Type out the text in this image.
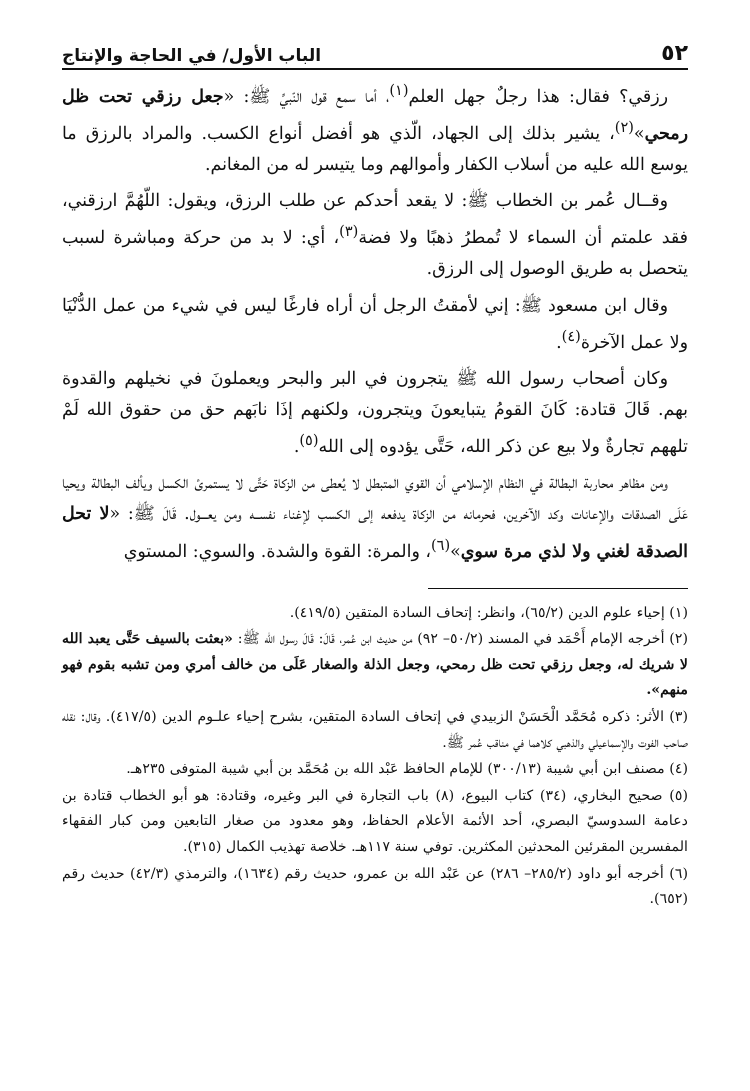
٥٢
الباب الأول/ في الحاجة والإنتاج

رزقي؟ فقال: هذا رجلٌ جهل العلم$^{(١)}$، أما سمع قول النّبيِّ ﷺ: «جعل رزقي تحت ظل رمحي»$^{(٢)}$، يشير بذلك إلى الجهاد، الّذي هو أفضل أنواع الكسب. والمراد بالرزق ما يوسع الله عليه من أسلاب الكفار وأموالهم وما يتيسر له من المغانم.

وقــال عُمر بن الخطاب ﷺ: لا يقعد أحدكم عن طلب الرزق، ويقول: اللّهُمَّ ارزقني، فقد علمتم أن السماء لا تُمطرُ ذهبًا ولا فضة$^{(٣)}$، أي: لا بد من حركة ومباشرة لسبب يتحصل به طريق الوصول إلى الرزق.

وقال ابن مسعود ﷺ: إني لأمقتُ الرجل أن أراه فارغًا ليس في شيء من عمل الدُّنْيَا ولا عمل الآخرة$^{(٤)}$.

وكان أصحاب رسول الله ﷺ يتجرون في البر والبحر ويعملونَ في نخيلهم والقدوة بهم. قَالَ قتادة: كَانَ القومُ يتبايعونَ ويتجرون، ولكنهم إذَا نابَهم حق من حقوق الله لَمْ تلههم تجارةٌ ولا بيع عن ذكر الله، حَتَّى يؤدوه إلى الله$^{(٥)}$.

ومن مظاهر محاربة البطالة في النظام الإسلامي أن القوي المتبطل لا يُعطى من الزكاة حَتَّى لا يستمرئ الكسل ويألف البطالة ويحيا عَلَى الصدقات والإعانات وكد الآخرين، فحرمانه من الزكاة يدفعه إلى الكسب لإغناء نفســه ومن يعـــول. قَالَ ﷺ: «لا تحل الصدقة لغني ولا لذي مرة سوي»$^{(٦)}$، والمرة: القوة والشدة. والسوي: المستوي

(١) إحياء علوم الدين (٦٥/٢)، وانظر: إتحاف السادة المتقين (٤١٩/٥).

(٢) أخرجه الإمام أَحْمَد في المسند (٥٠/٢– ٩٢) من حديث ابن عُمر، قَالَ: قَالَ رسول الله ﷺ: «بعثت بالسيف حَتَّى يعبد الله لا شريك له، وجعل رزقي تحت ظل رمحي، وجعل الذلة والصغار عَلَى من خالف أمري ومن تشبه بقوم فهو منهم».

(٣) الأثر: ذكره مُحَمَّد الْحَسَنْ الزبيدي في إتحاف السادة المتقين، بشرح إحياء علـوم الدين (٤١٧/٥). وقال: نقله صاحب الفوت والإسماعيلي والذهبي كلاهما في مناقب عُمر ﷺ.

(٤) مصنف ابن أبي شيبة (٣٠٠/١٣) للإمام الحافظ عَبْد الله بن مُحَمَّد بن أبي شيبة المتوفى ٢٣٥هـ.

(٥) صحيح البخاري، (٣٤) كتاب البيوع، (٨) باب التجارة في البر وغيره، وقتادة: هو أبو الخطاب قتادة بن دعامة السدوسيّ البصري، أحد الأئمة الأعلام الحفاظ، وهو معدود من صغار التابعين ومن كبار الفقهاء المفسرين المقرئين المحدثين المكثرين. توفي سنة ١١٧هـ. خلاصة تهذيب الكمال (٣١٥).

(٦) أخرجه أبو داود (٢٨٥/٢– ٢٨٦) عن عَبْد الله بن عمرو، حديث رقم (١٦٣٤)، والترمذي (٤٢/٣) حديث رقم (٦٥٢).
